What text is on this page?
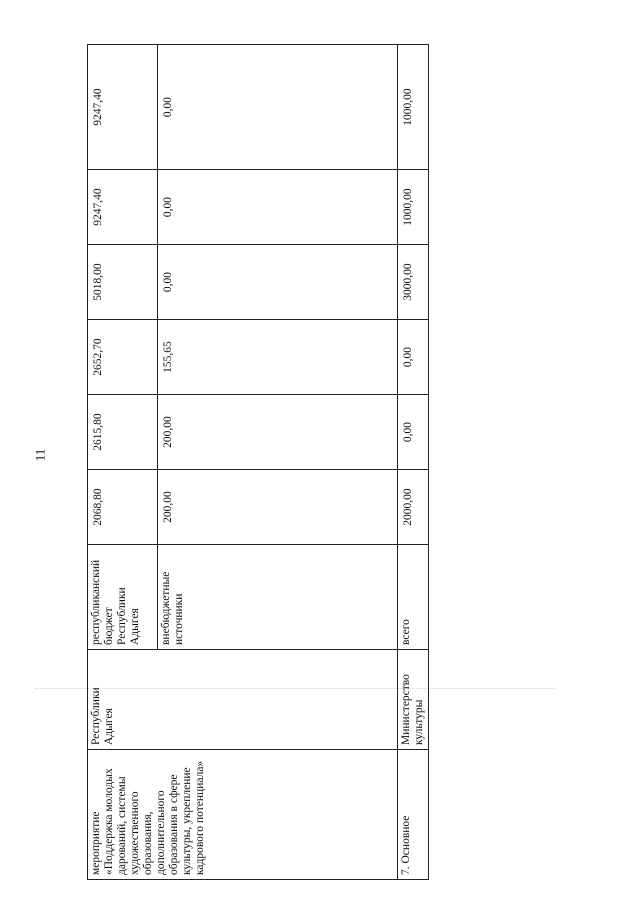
11
мероприятие «Поддержка молодых дарований, системы художественного образования, дополнительного образования в сфере культуры, укрепление кадрового потенциала»	Республики Адыгея	республиканский бюджет Республики Адыгея	2068,80	2615,80	2652,70	5018,00	9247,40	9247,40
		внебюджетные источники	200,00	200,00	155,65	0,00	0,00	0,00
7. Основное	Министерство культуры	всего	2000,00	0,00	0,00	3000,00	1000,00	1000,00
